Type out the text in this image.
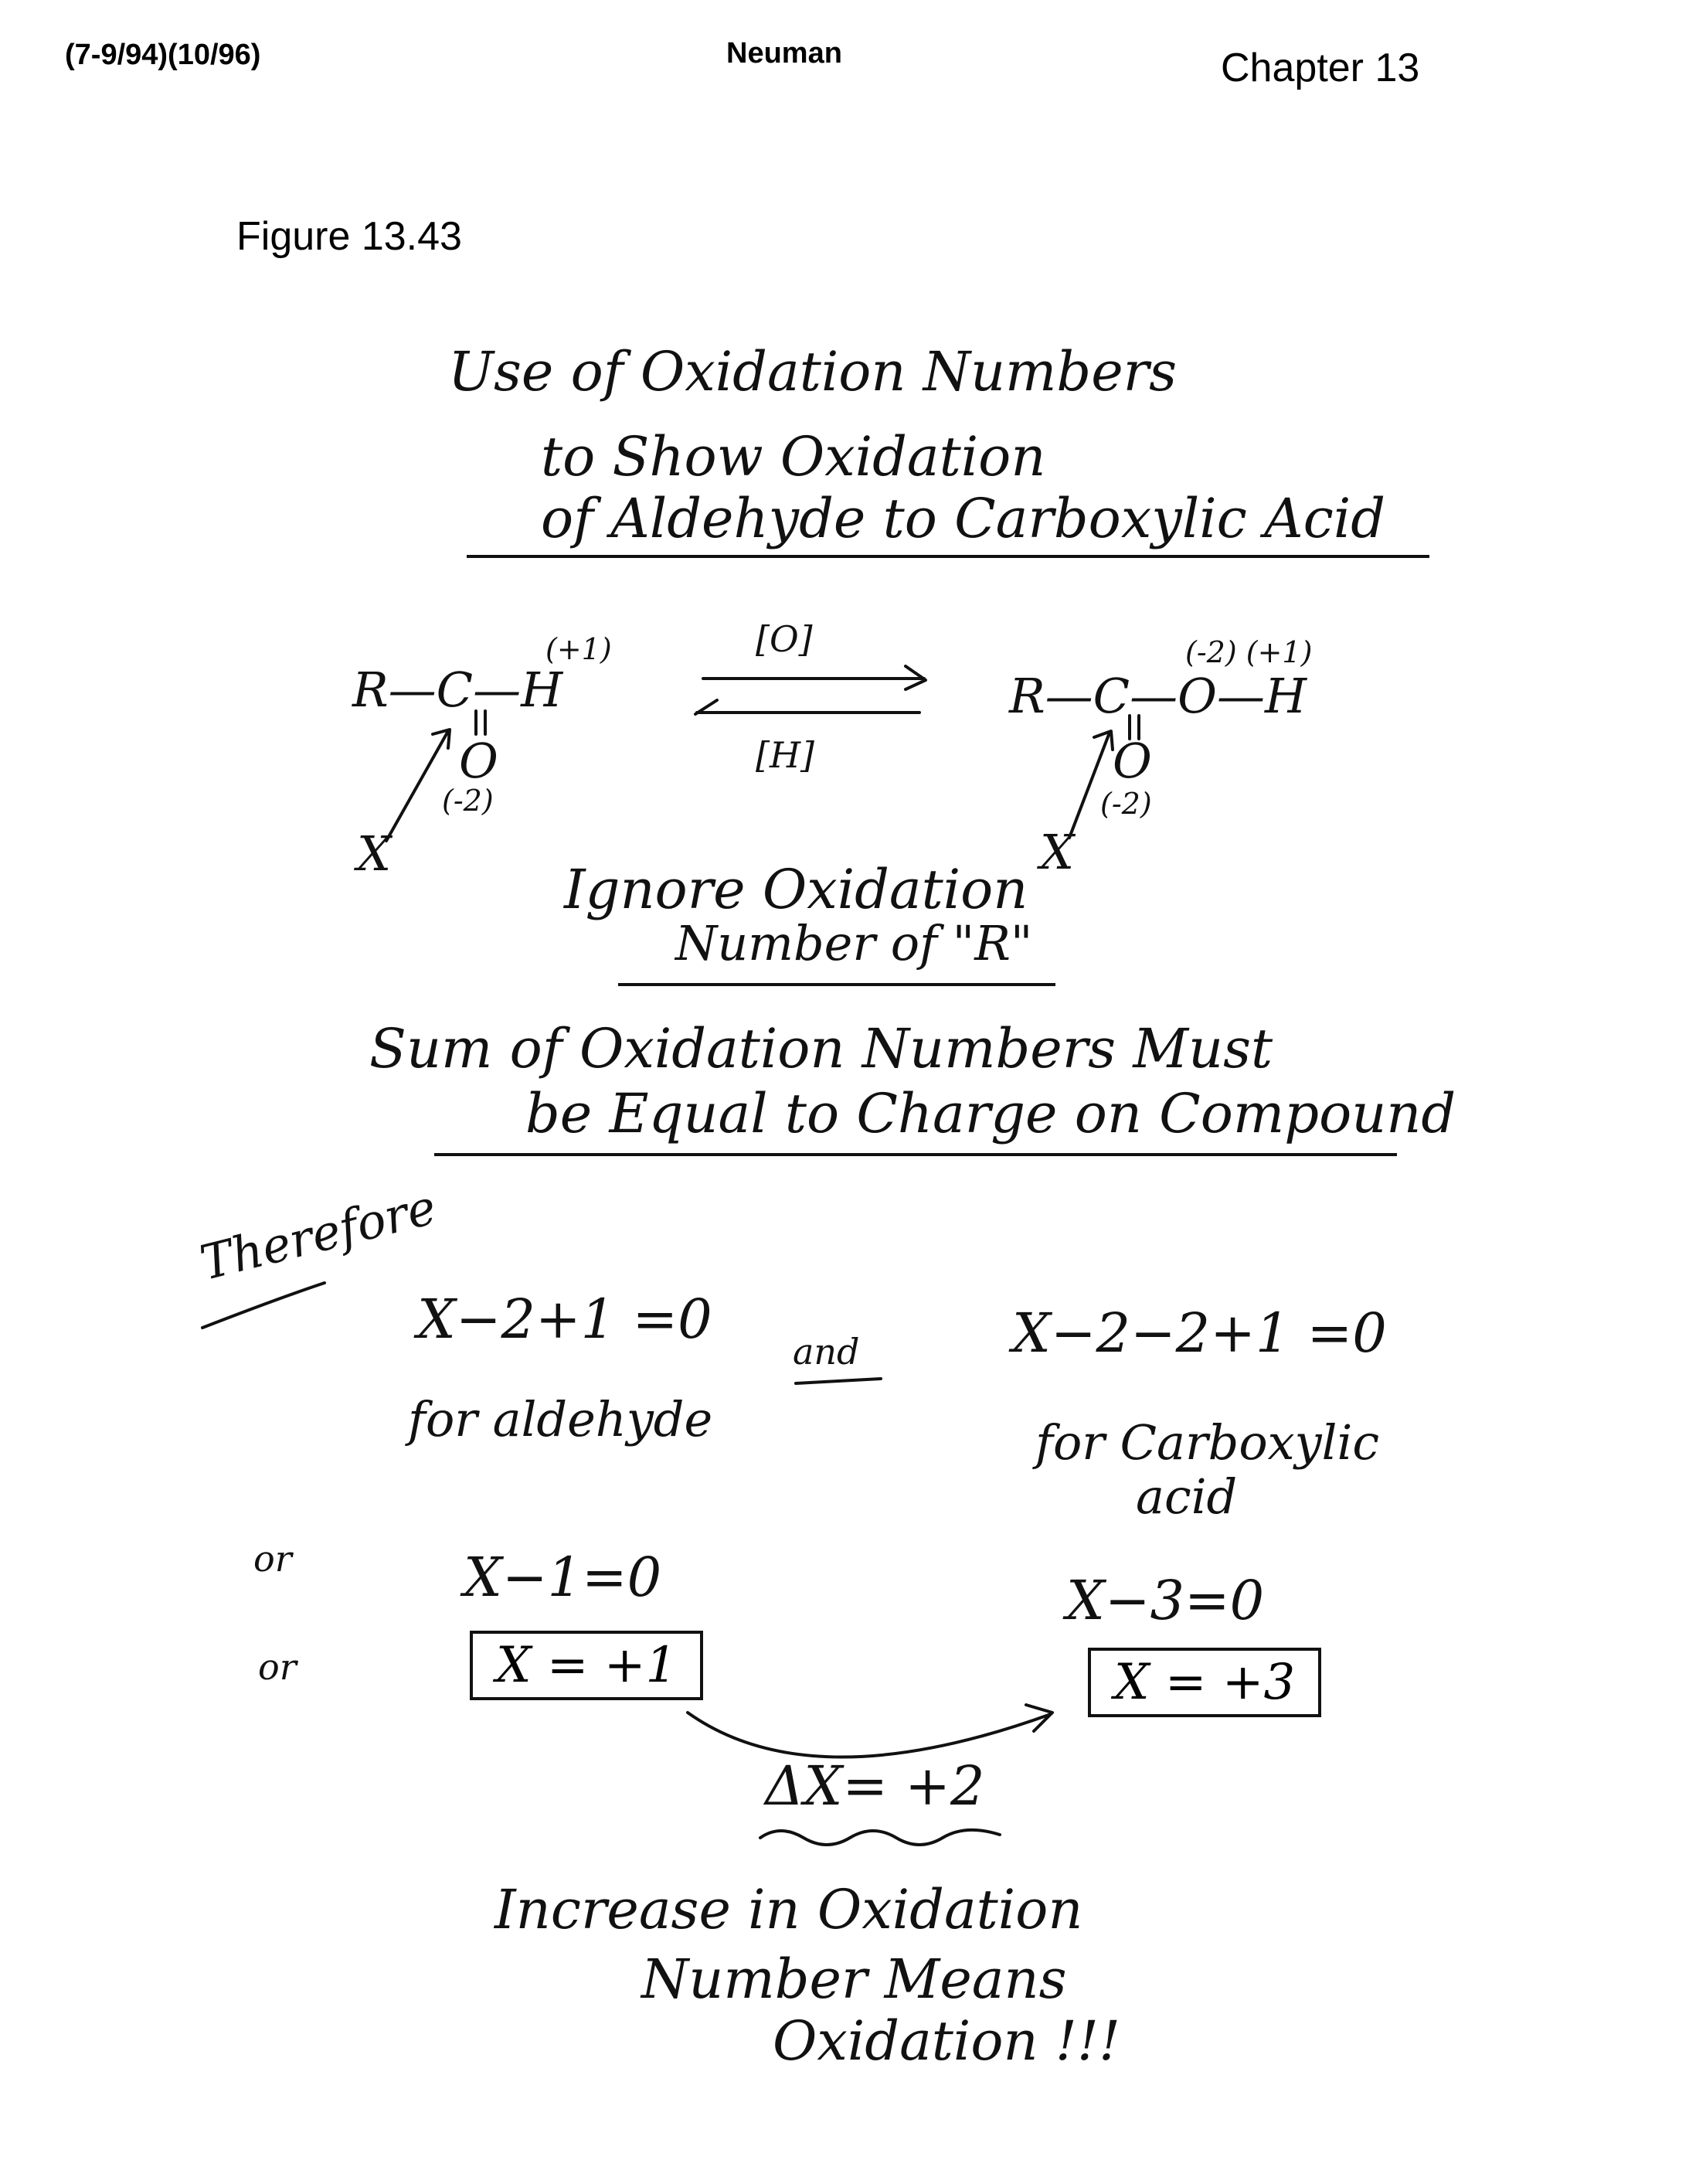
(7-9/94)(10/96)	Neuman	Chapter 13
Figure 13.43
Use of Oxidation Numbers
to Show Oxidation
of Aldehyde to Carboxylic Acid
(+1)
R—C—H
O
(-2)
X
[O]
[H]
(-2) (+1)
R—C—O—H
O
(-2)
X
Ignore Oxidation
Number of "R"
Sum of Oxidation Numbers Must
be Equal to Charge on Compound
Therefore
X−2+1 =0
and	X−2−2+1 =0
for aldehyde	for Carboxylic
acid
or	X−1=0	X−3=0
or	X = +1	X = +3
ΔX= +2
Increase in Oxidation
Number Means
Oxidation !!!
